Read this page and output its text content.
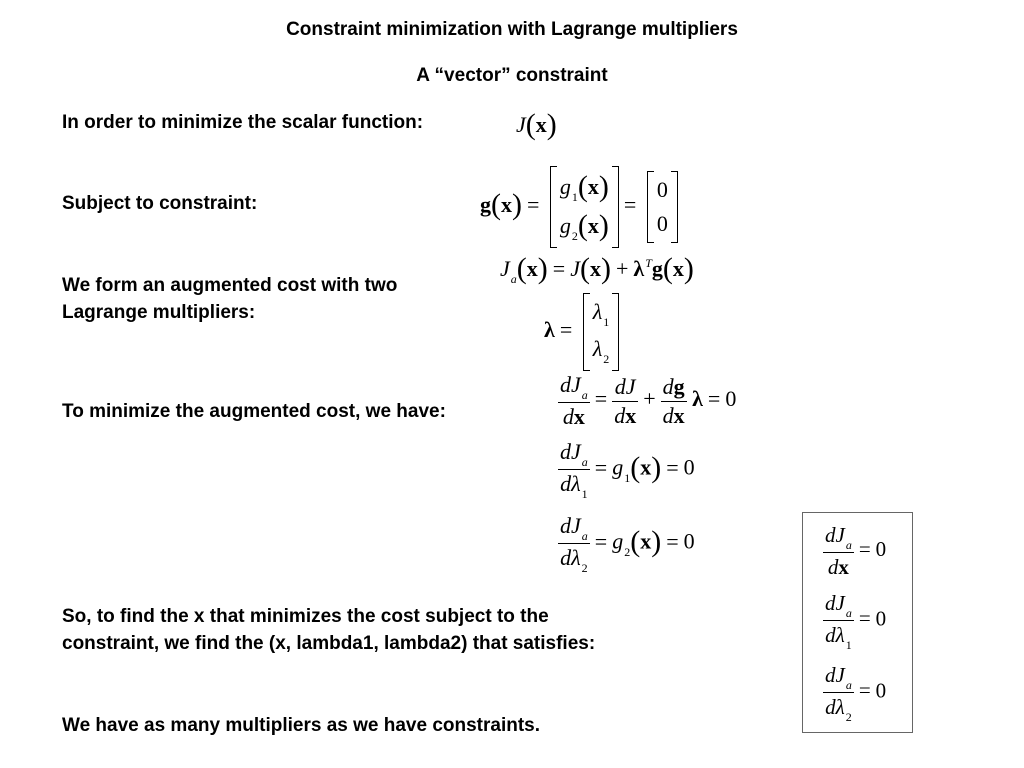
Constraint minimization with Lagrange multipliers
A “vector” constraint
In order to minimize the scalar function:
Subject to constraint:
We form an augmented cost with two
Lagrange multipliers:
To minimize the augmented cost, we have:
So, to find the x that minimizes the cost subject to the
constraint, we find the (x, lambda1, lambda2) that satisfies:
We have as many multipliers as we have constraints.
J(x)
g(x) =
$g_1(x)$
$g_2(x)$
=
0
0
$J_a(x) = J(x) + \lambda^Tg(x)$
λ =
$\lambda_1$
$\lambda_2$
$\frac{dJ_a}{dx} = \frac{dJ}{dx} + \frac{dg}{dx}$ λ = 0
$\frac{dJ_a}{d\lambda_1} = g_1(x) = 0$
$\frac{dJ_a}{d\lambda_2} = g_2(x) = 0$	$\frac{dJ_a}{dx} = 0$
$\frac{dJ_a}{d\lambda_1} = 0$
$\frac{dJ_a}{d\lambda_2} = 0$
